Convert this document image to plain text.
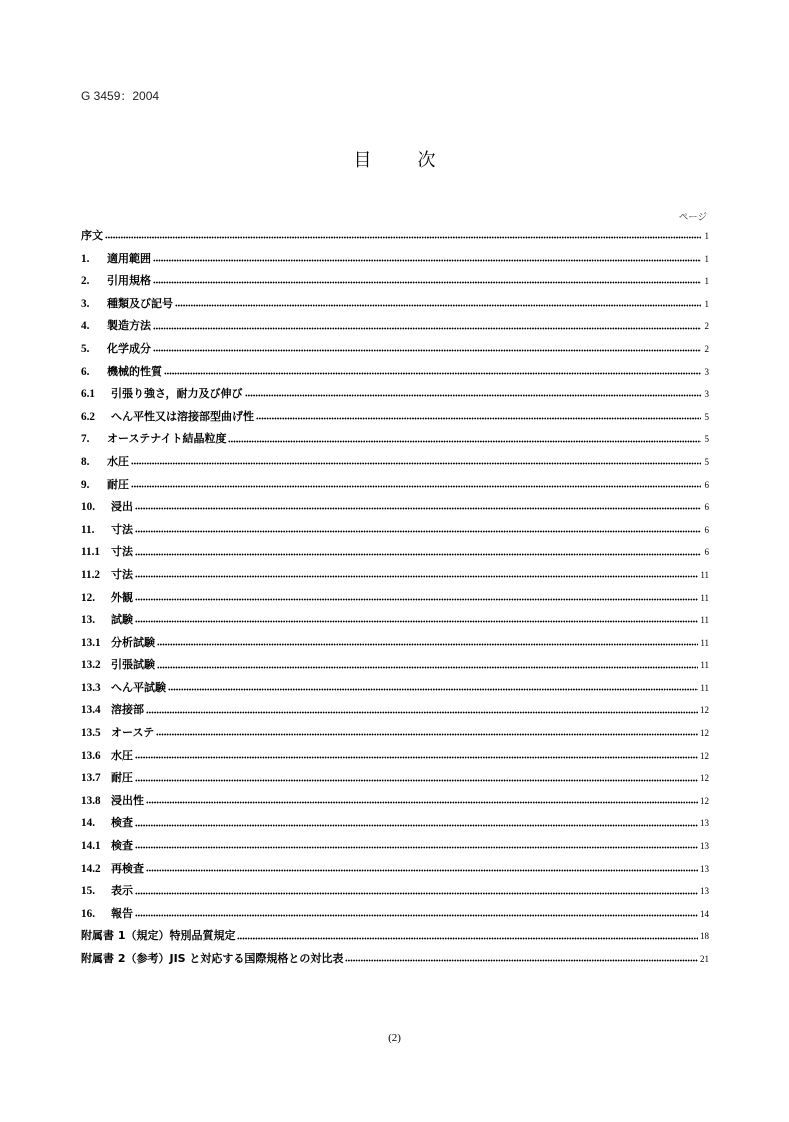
G 3459：2004
目　次
ページ
序文	1
1.	適用範囲	1
2.	引用規格	1
3.	種類及び記号	1
4.	製造方法	2
5.	化学成分	2
6.	機械的性質	3
6.1	引張り強さ，耐力及び伸び	3
6.2	へん平性又は溶接部型曲げ性	5
7.	オーステナイト結晶粒度	5
8.	水圧	5
9.	耐圧	6
10.	浸出	6
11.	寸法	6
11.1	寸法	6
11.2	寸法	11
12.	外観	11
13.	試験	11
13.1 分析試験	11
13.2 引張試験	11
13.3 へん平試験	11
13.4 溶接部	12
13.5 オーステ	12
13.6 水圧	12
13.7 耐圧	12
13.8 浸出性	12
14.	検査	13
14.1 検査	13
14.2 再検査	13
15.	表示	13
16.	報告	14
附属書 1（規定）特別品質規定	18
附属書 2（参考）JIS と対応する国際規格との対比表	21
(2)
